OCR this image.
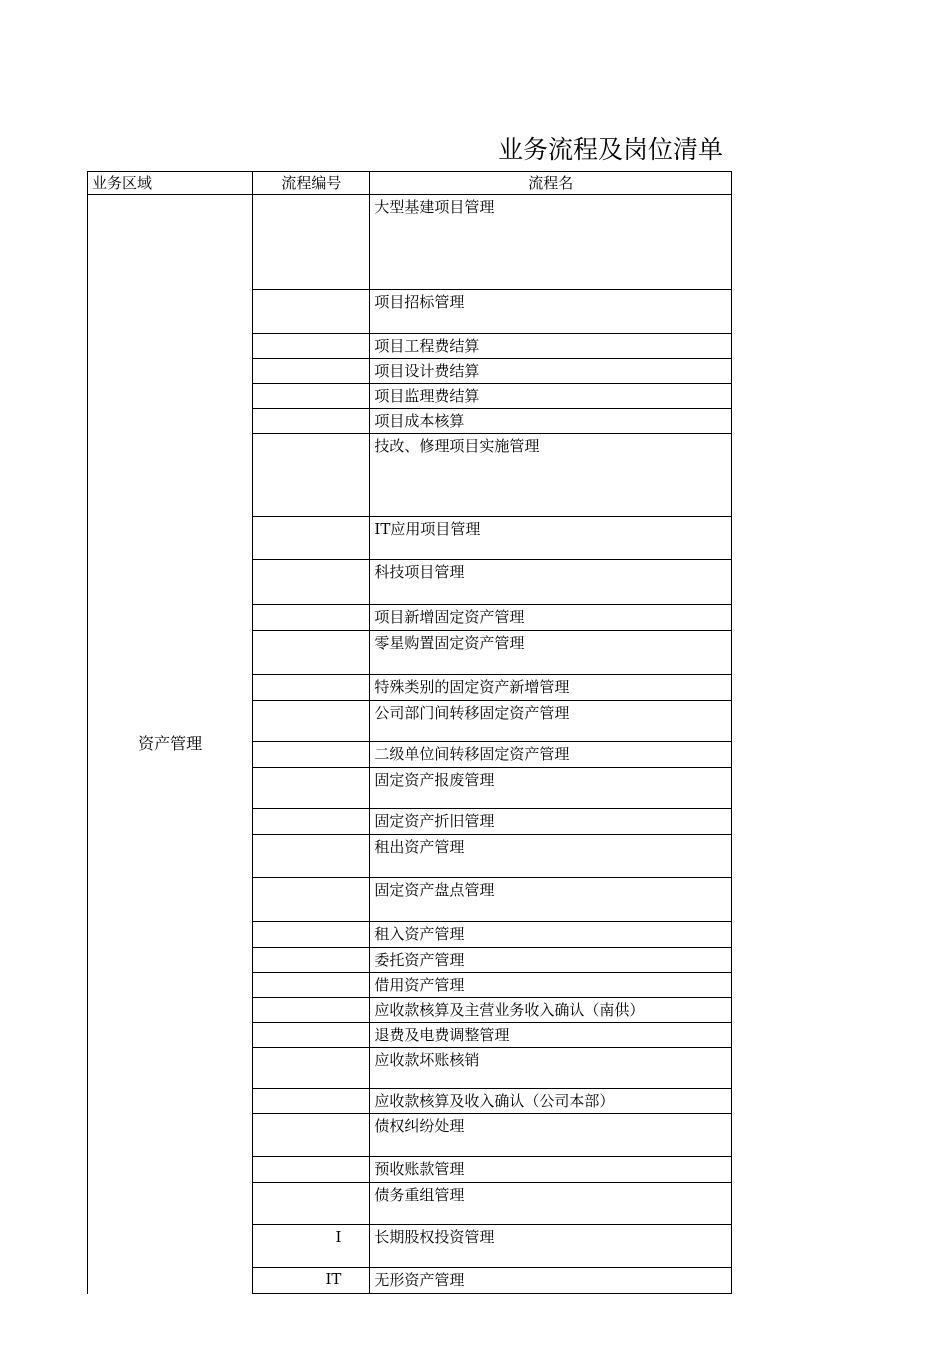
业务流程及岗位清单
业务区域	流程编号	流程名
资产管理		大型基建项目管理
		项目招标管理
		项目工程费结算
		项目设计费结算
		项目监理费结算
		项目成本核算
		技改、修理项目实施管理
		IT应用项目管理
		科技项目管理
		项目新增固定资产管理
		零星购置固定资产管理
		特殊类别的固定资产新增管理
		公司部门间转移固定资产管理
		二级单位间转移固定资产管理
		固定资产报废管理
		固定资产折旧管理
		租出资产管理
		固定资产盘点管理
		租入资产管理
		委托资产管理
		借用资产管理
		应收款核算及主营业务收入确认（南供）
		退费及电费调整管理
		应收款坏账核销
		应收款核算及收入确认（公司本部）
		债权纠纷处理
		预收账款管理
		债务重组管理
	I	长期股权投资管理
	IT	无形资产管理
